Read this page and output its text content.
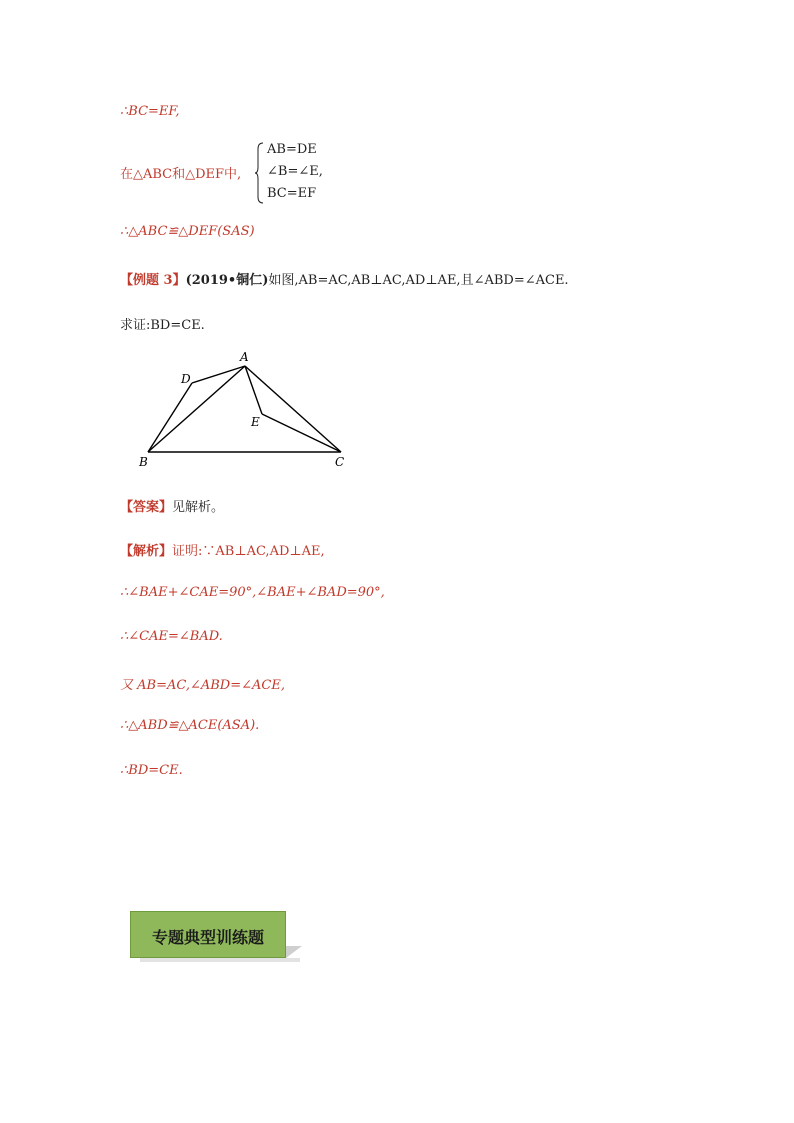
∴BC=EF,
在△ABC和△DEF中,
AB=DE
∠B=∠E,
BC=EF
∴△ABC≌△DEF(SAS)
【例题 3】(2019•铜仁)如图,AB=AC,AB⊥AC,AD⊥AE,且∠ABD=∠ACE.
求证:BD=CE.
A
D
E
B	C
【答案】见解析。
【解析】证明:∵AB⊥AC,AD⊥AE,
∴∠BAE+∠CAE=90°,∠BAE+∠BAD=90°,
∴∠CAE=∠BAD.
又 AB=AC,∠ABD=∠ACE,
∴△ABD≌△ACE(ASA).
∴BD=CE.
专题典型训练题
